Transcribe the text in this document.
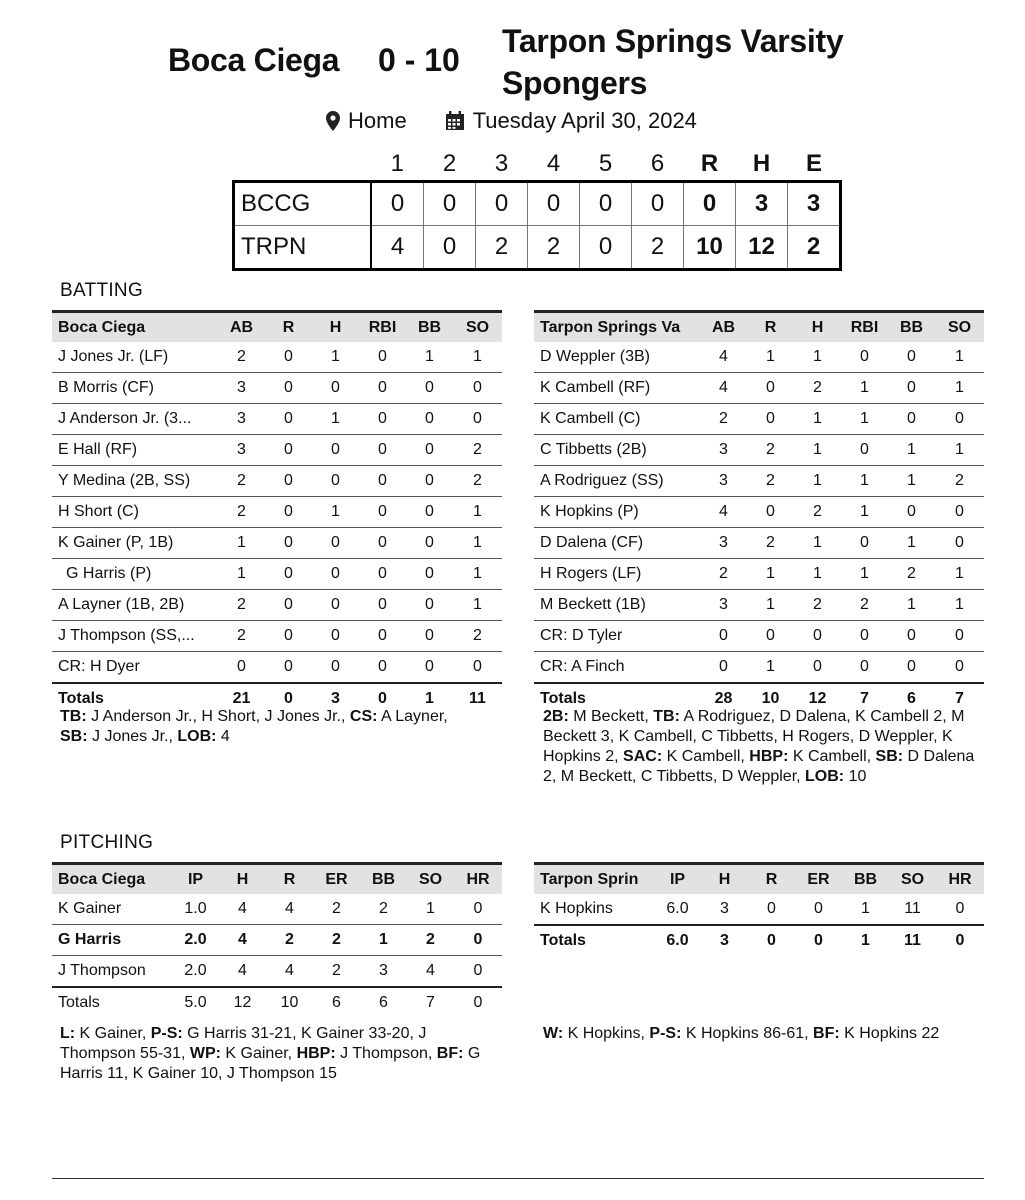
Boca Ciega 0 - 10
Tarpon Springs Varsity Spongers
Home	Tuesday April 30, 2024
	1	2	3	4	5	6	R	H	E
BCCG	0	0	0	0	0	0	0	3	3
TRPN	4	0	2	2	0	2	10	12	2
BATTING
Boca Ciega	AB	R	H	RBI	BB	SO
J Jones Jr. (LF)	2	0	1	0	1	1
B Morris (CF)	3	0	0	0	0	0
J Anderson Jr. (3...	3	0	1	0	0	0
E Hall (RF)	3	0	0	0	0	2
Y Medina (2B, SS)	2	0	0	0	0	2
H Short (C)	2	0	1	0	0	1
K Gainer (P, 1B)	1	0	0	0	0	1
G Harris (P)	1	0	0	0	0	1
A Layner (1B, 2B)	2	0	0	0	0	1
J Thompson (SS,...	2	0	0	0	0	2
CR: H Dyer	0	0	0	0	0	0
Totals	21	0	3	0	1	11
Tarpon Springs Va	AB	R	H	RBI	BB	SO
D Weppler (3B)	4	1	1	0	0	1
K Cambell (RF)	4	0	2	1	0	1
K Cambell (C)	2	0	1	1	0	0
C Tibbetts (2B)	3	2	1	0	1	1
A Rodriguez (SS)	3	2	1	1	1	2
K Hopkins (P)	4	0	2	1	0	0
D Dalena (CF)	3	2	1	0	1	0
H Rogers (LF)	2	1	1	1	2	1
M Beckett (1B)	3	1	2	2	1	1
CR: D Tyler	0	0	0	0	0	0
CR: A Finch	0	1	0	0	0	0
Totals	28	10	12	7	6	7
TB: J Anderson Jr., H Short, J Jones Jr., CS: A Layner, SB: J Jones Jr., LOB: 4
2B: M Beckett, TB: A Rodriguez, D Dalena, K Cambell 2, M Beckett 3, K Cambell, C Tibbetts, H Rogers, D Weppler, K Hopkins 2, SAC: K Cambell, HBP: K Cambell, SB: D Dalena 2, M Beckett, C Tibbetts, D Weppler, LOB: 10
PITCHING
Boca Ciega	IP	H	R	ER	BB	SO	HR
K Gainer	1.0	4	4	2	2	1	0
G Harris	2.0	4	2	2	1	2	0
J Thompson	2.0	4	4	2	3	4	0
Totals	5.0	12	10	6	6	7	0
Tarpon Sprin	IP	H	R	ER	BB	SO	HR
K Hopkins	6.0	3	0	0	1	11	0
Totals	6.0	3	0	0	1	11	0
L: K Gainer, P-S: G Harris 31-21, K Gainer 33-20, J Thompson 55-31, WP: K Gainer, HBP: J Thompson, BF: G Harris 11, K Gainer 10, J Thompson 15
W: K Hopkins, P-S: K Hopkins 86-61, BF: K Hopkins 22
